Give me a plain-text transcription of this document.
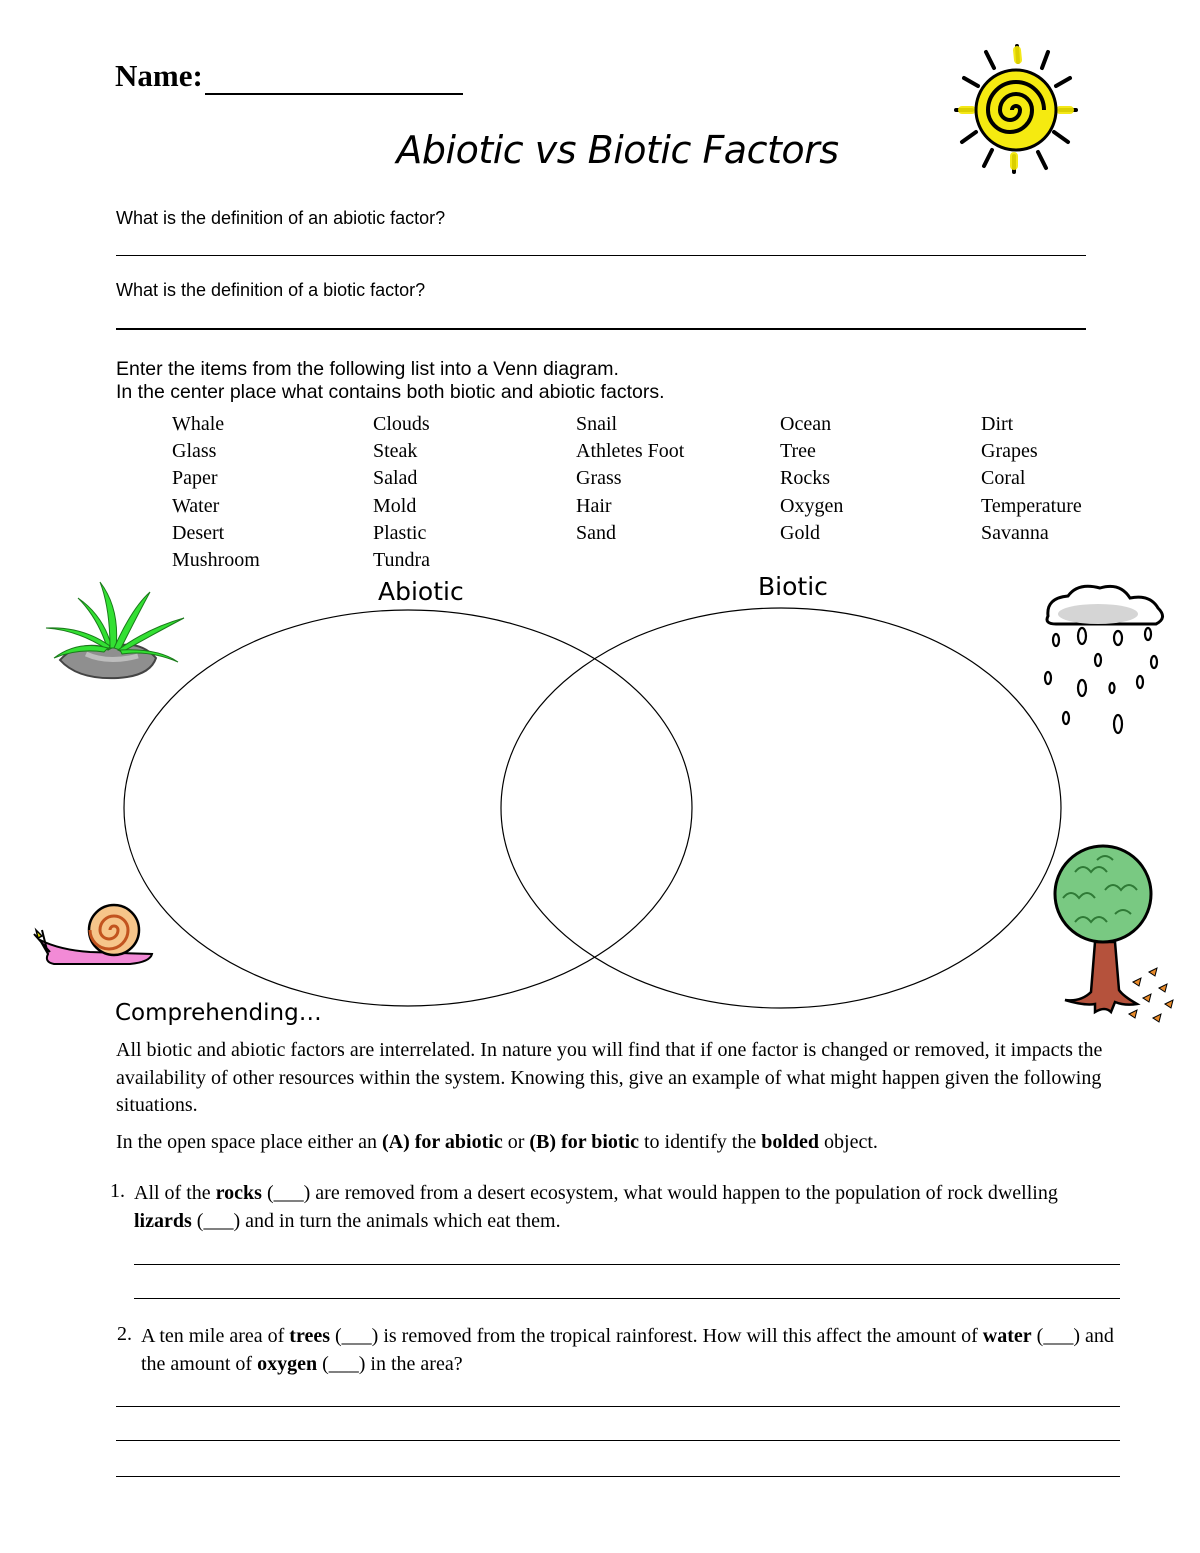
Name:
Abiotic vs Biotic Factors
What is the definition of an abiotic factor?
What is the definition of a biotic factor?
Enter the items from the following list into a Venn diagram.
In the center place what contains both biotic and abiotic factors.
Whale
Glass
Paper
Water
Desert
Mushroom
Clouds
Steak
Salad
Mold
Plastic
Tundra
Snail
Athletes Foot
Grass
Hair
Sand
Ocean
Tree
Rocks
Oxygen
Gold
Dirt
Grapes
Coral
Temperature
Savanna
Abiotic	Biotic
Comprehending…
All biotic and abiotic factors are interrelated. In nature you will find that if one factor is changed or removed, it impacts the availability of other resources within the system. Knowing this, give an example of what might happen given the following situations.
In the open space place either an (A) for abiotic or (B) for biotic to identify the bolded object.
1. All of the rocks (___) are removed from a desert ecosystem, what would happen to the population of rock dwelling lizards (___) and in turn the animals which eat them.
2. A ten mile area of trees (___) is removed from the tropical rainforest. How will this affect the amount of water (___) and the amount of oxygen (___) in the area?
